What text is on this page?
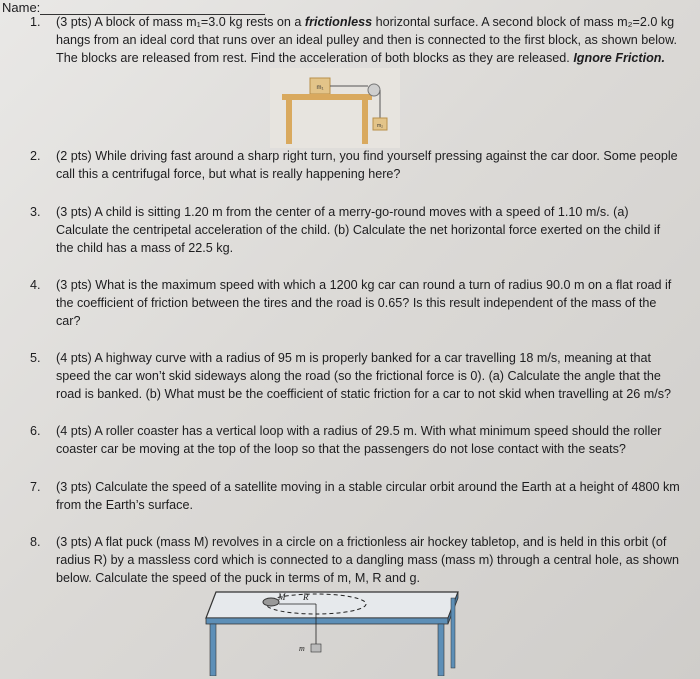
Name:
1. (3 pts) A block of mass m₁=3.0 kg rests on a frictionless horizontal surface. A second block of mass m₂=2.0 kg
hangs from an ideal cord that runs over an ideal pulley and then is connected to the first block, as shown below.
The blocks are released from rest. Find the acceleration of both blocks as they are released. Ignore Friction.
m₁
m₂
2. (2 pts) While driving fast around a sharp right turn, you find yourself pressing against the car door. Some people
call this a centrifugal force, but what is really happening here?
3. (3 pts) A child is sitting 1.20 m from the center of a merry-go-round moves with a speed of 1.10 m/s. (a)
Calculate the centripetal acceleration of the child. (b) Calculate the net horizontal force exerted on the child if
the child has a mass of 22.5 kg.
4. (3 pts) What is the maximum speed with which a 1200 kg car can round a turn of radius 90.0 m on a flat road if
the coefficient of friction between the tires and the road is 0.65? Is this result independent of the mass of the
car?
5. (4 pts) A highway curve with a radius of 95 m is properly banked for a car travelling 18 m/s, meaning at that
speed the car won’t skid sideways along the road (so the frictional force is 0). (a) Calculate the angle that the
road is banked. (b) What must be the coefficient of static friction for a car to not skid when travelling at 26 m/s?
6. (4 pts) A roller coaster has a vertical loop with a radius of 29.5 m. With what minimum speed should the roller
coaster car be moving at the top of the loop so that the passengers do not lose contact with the seats?
7. (3 pts) Calculate the speed of a satellite moving in a stable circular orbit around the Earth at a height of 4800 km
from the Earth’s surface.
8. (3 pts) A flat puck (mass M) revolves in a circle on a frictionless air hockey tabletop, and is held in this orbit (of
radius R) by a massless cord which is connected to a dangling mass (mass m) through a central hole, as shown
below. Calculate the speed of the puck in terms of m, M, R and g.
M R
m
